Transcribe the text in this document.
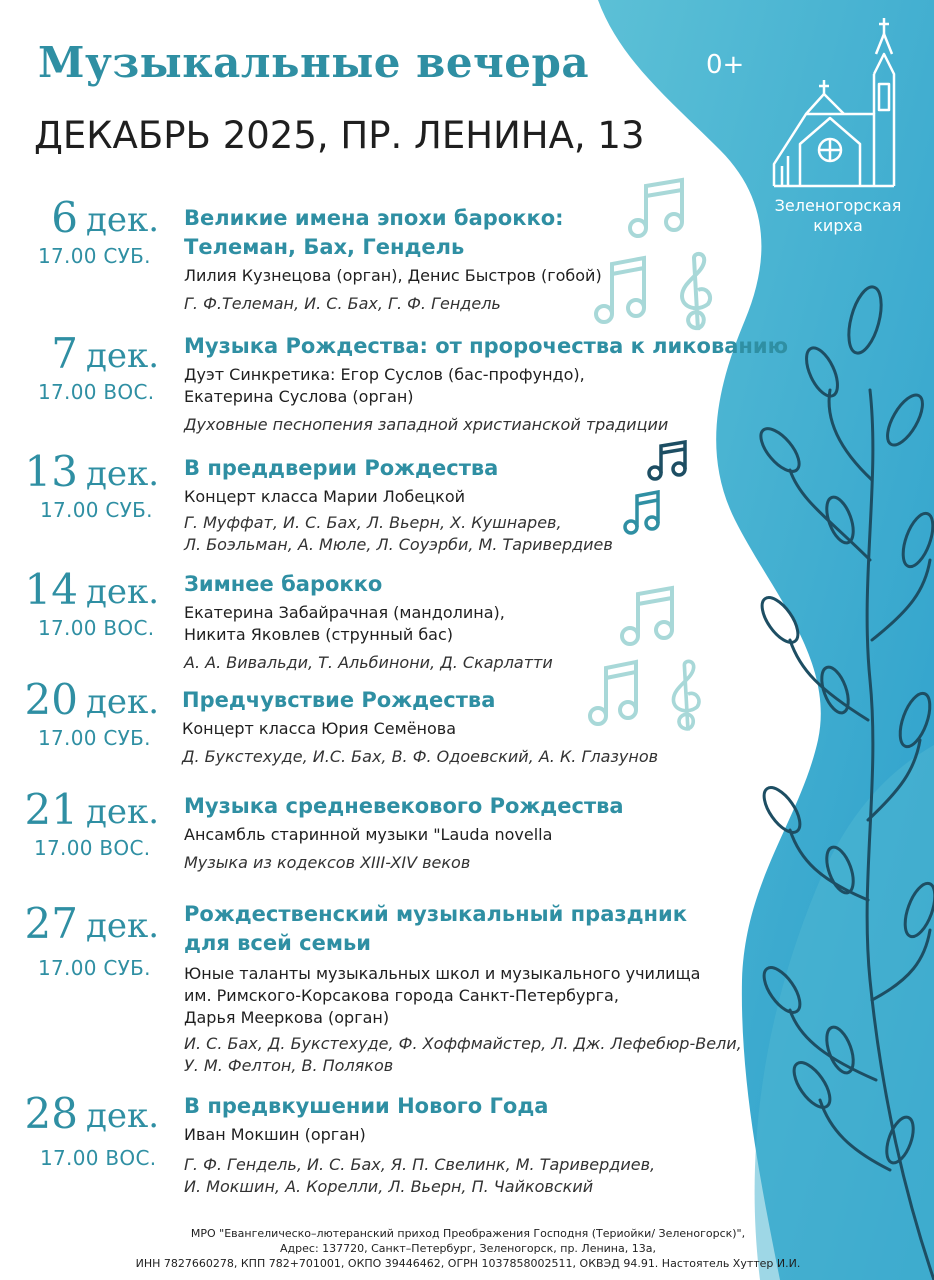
Музыкальные вечера
ДЕКАБРЬ 2025, ПР. ЛЕНИНА, 13
0+
Зеленогорская
кирха
6 дек.
17.00 СУБ.
Великие имена эпохи барокко:
Телеман, Бах, Гендель
Лилия Кузнецова (орган), Денис Быстров (гобой)
Г. Ф.Телеман, И. С. Бах, Г. Ф. Гендель
7 дек.
17.00 ВОС.
Музыка Рождества: от пророчества к ликованию
Дуэт Синкретика: Егор Суслов (бас-профундо),
Екатерина Суслова (орган)
Духовные песнопения западной христианской традиции
13 дек.
17.00 СУБ.
В преддверии Рождества
Концерт класса Марии Лобецкой
Г. Муффат, И. С. Бах, Л. Вьерн, Х. Кушнарев,
Л. Боэльман, А. Мюле, Л. Соуэрби, М. Таривердиев
14 дек.
17.00 ВОС.
Зимнее барокко
Екатерина Забайрачная (мандолина),
Никита Яковлев (струнный бас)
А. А. Вивальди, Т. Альбинони, Д. Скарлатти
20 дек.
17.00 СУБ.
Предчувствие Рождества
Концерт класса Юрия Семёнова
Д. Букстехуде, И.С. Бах, В. Ф. Одоевский, А. К. Глазунов
21 дек.
17.00 ВОС.
Музыка средневекового Рождества
Ансамбль старинной музыки "Lauda novella
Музыка из кодексов XIII-XIV веков
27 дек.
17.00 СУБ.
Рождественский музыкальный праздник
для всей семьи
Юные таланты музыкальных школ и музыкального училища
им. Римского-Корсакова города Санкт-Петербурга,
Дарья Мееркова (орган)
И. С. Бах, Д. Букстехуде, Ф. Хоффмайстер, Л. Дж. Лефебюр-Вели,
У. М. Фелтон, В. Поляков
28 дек.
17.00 ВОС.
В предвкушении Нового Года
Иван Мокшин (орган)
Г. Ф. Гендель, И. С. Бах, Я. П. Свелинк, М. Таривердиев,
И. Мокшин, А. Корелли, Л. Вьерн, П. Чайковский
МРО "Евангелическо–лютеранский приход Преображения Господня (Териойки/ Зеленогорск)",
Адрес: 137720, Санкт–Петербург, Зеленогорск, пр. Ленина, 13а,
ИНН 7827660278, КПП 782+701001, ОКПО 39446462, ОГРН 1037858002511, ОКВЭД 94.91. Настоятель Хуттер И.И.
